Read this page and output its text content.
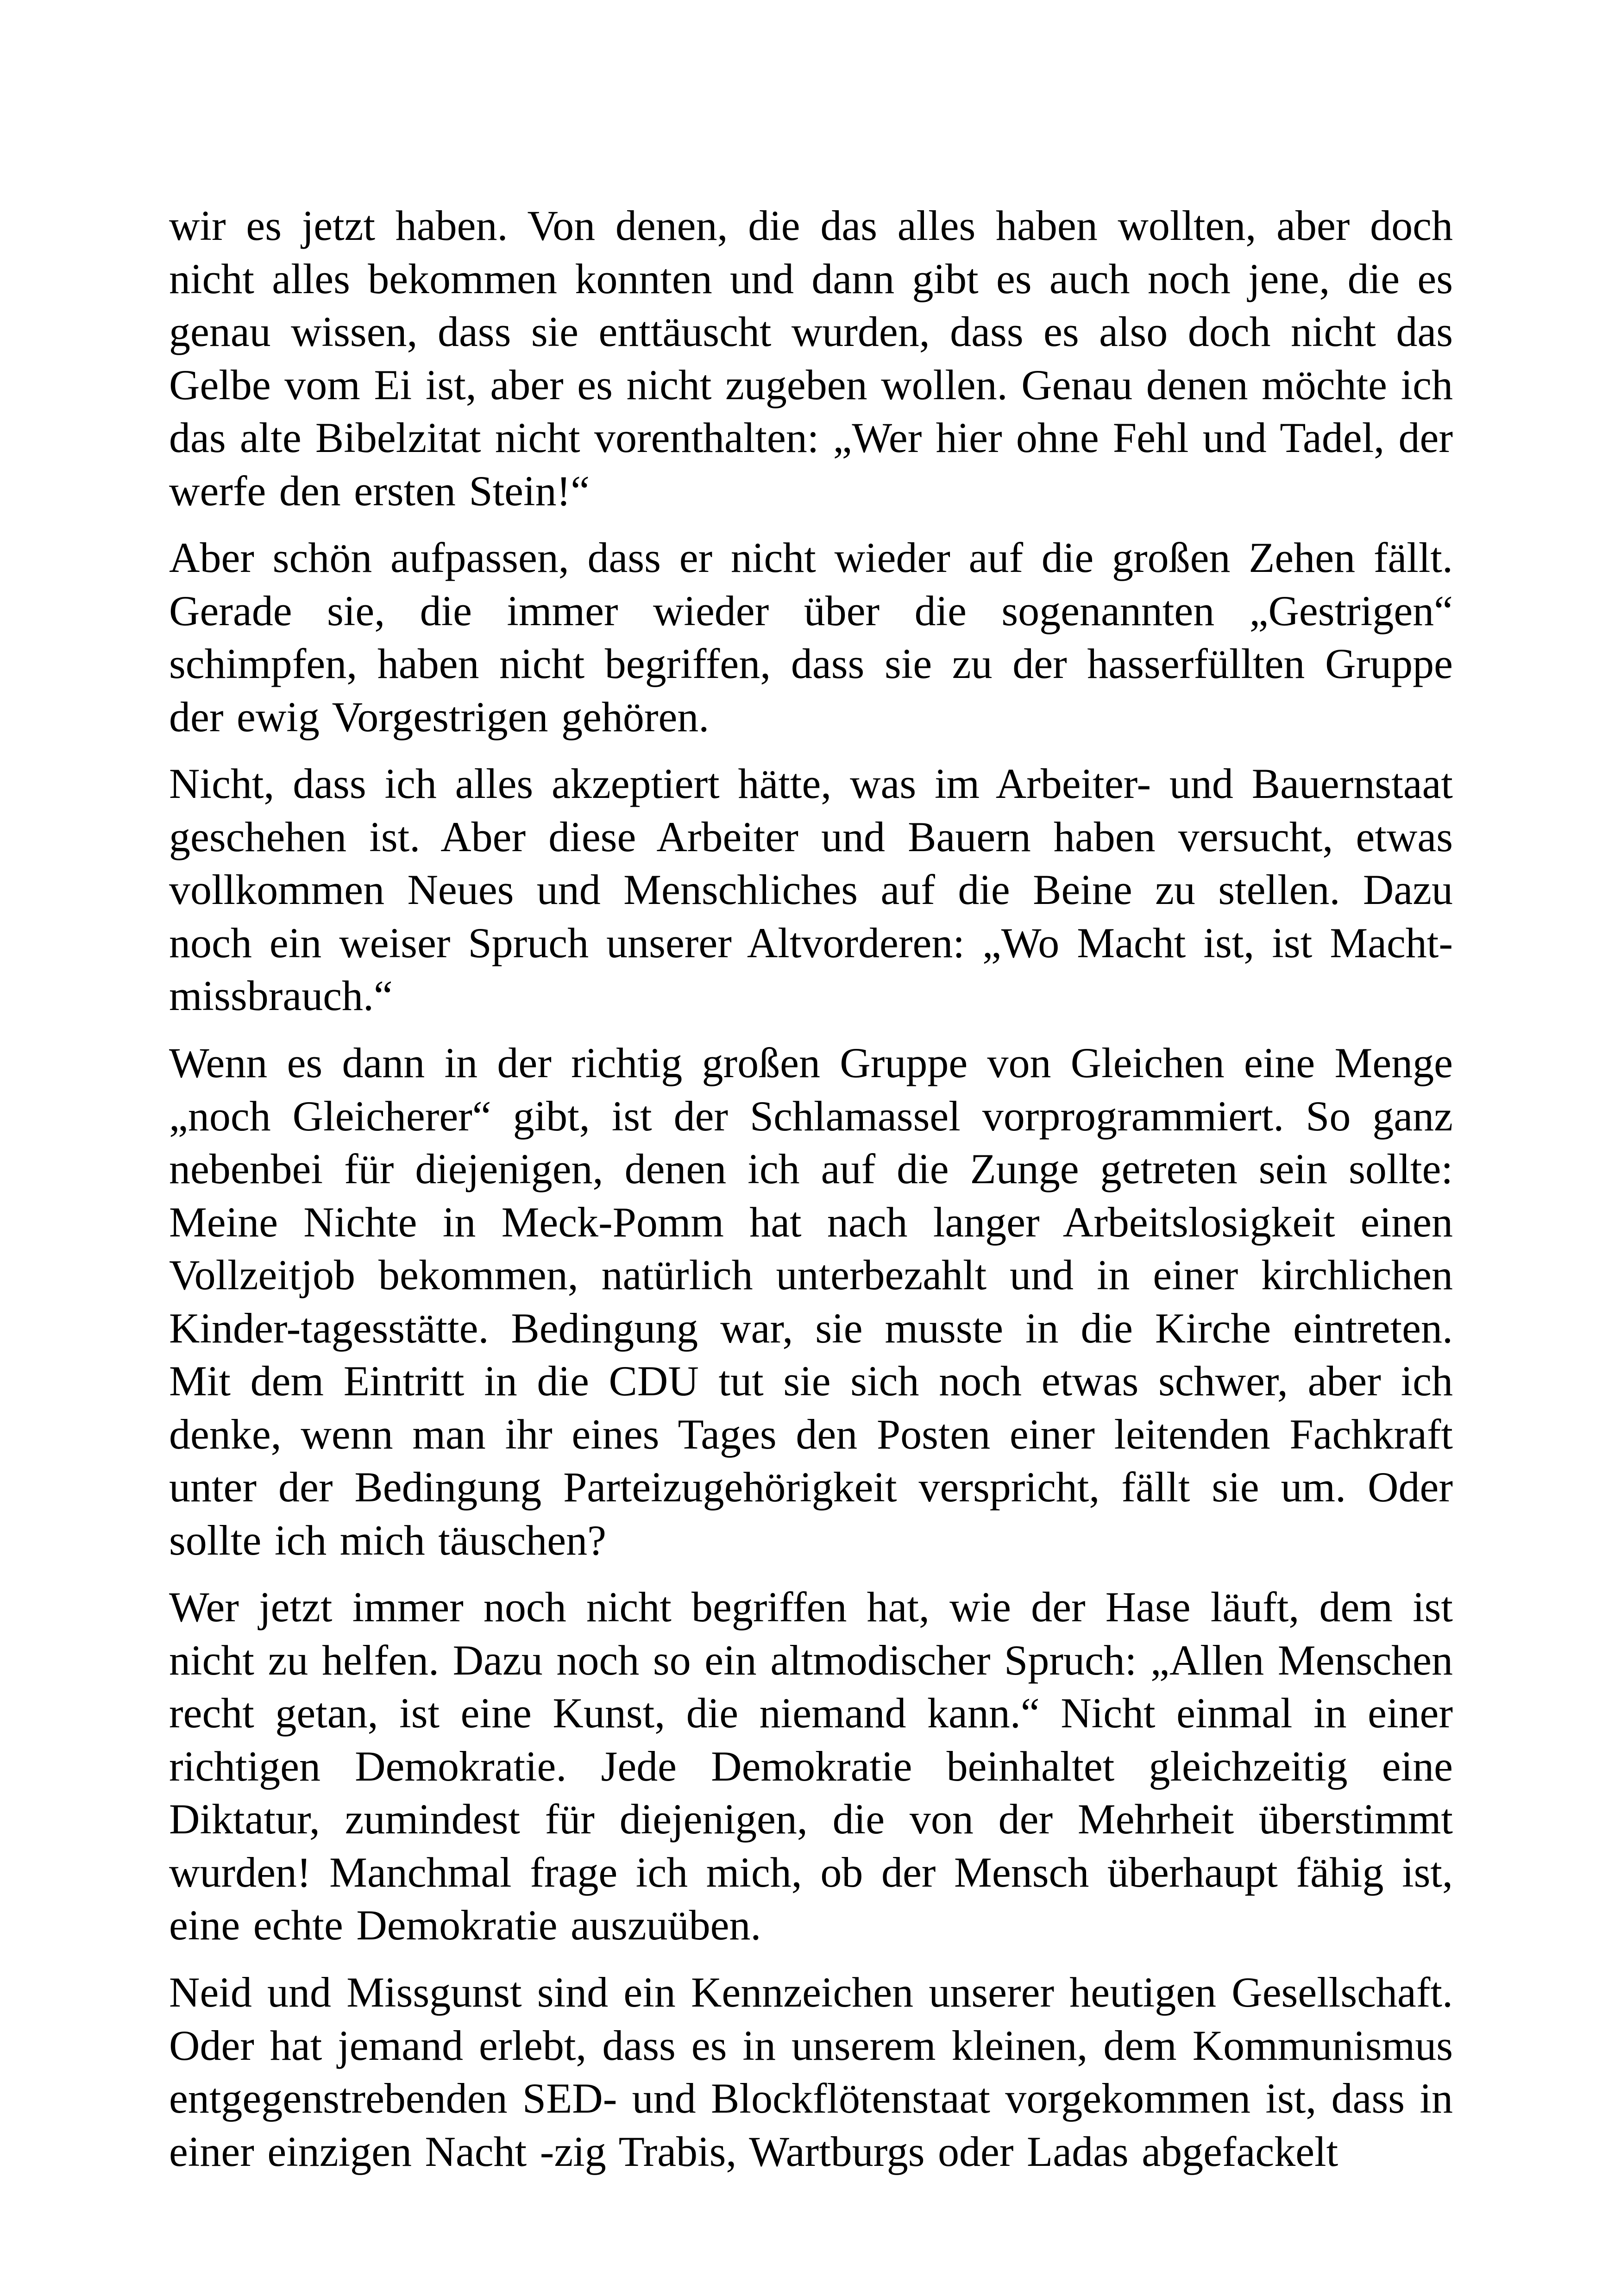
wir es jetzt haben. Von denen, die das alles haben wollten, aber doch nicht alles bekommen konnten und dann gibt es auch noch jene, die es genau wissen, dass sie enttäuscht wurden, dass es also doch nicht das Gelbe vom Ei ist, aber es nicht zugeben wollen. Genau denen möchte ich das alte Bibelzitat nicht vorenthalten: „Wer hier ohne Fehl und Tadel, der werfe den ersten Stein!“

Aber schön aufpassen, dass er nicht wieder auf die großen Zehen fällt. Gerade sie, die immer wieder über die sogenannten „Gestrigen“ schimpfen, haben nicht begriffen, dass sie zu der hasserfüllten Gruppe der ewig Vorgestrigen gehören.

Nicht, dass ich alles akzeptiert hätte, was im Arbeiter- und Bauernstaat geschehen ist. Aber diese Arbeiter und Bauern haben versucht, etwas vollkommen Neues und Menschliches auf die Beine zu stellen. Dazu noch ein weiser Spruch unserer Altvorderen: „Wo Macht ist, ist Macht-missbrauch.“

Wenn es dann in der richtig großen Gruppe von Gleichen eine Menge „noch Gleicherer“ gibt, ist der Schlamassel vorprogrammiert. So ganz nebenbei für diejenigen, denen ich auf die Zunge getreten sein sollte: Meine Nichte in Meck-Pomm hat nach langer Arbeitslosigkeit einen Vollzeitjob bekommen, natürlich unterbezahlt und in einer kirchlichen Kinder-tagesstätte. Bedingung war, sie musste in die Kirche eintreten. Mit dem Eintritt in die CDU tut sie sich noch etwas schwer, aber ich denke, wenn man ihr eines Tages den Posten einer leitenden Fachkraft unter der Bedingung Parteizugehörigkeit verspricht, fällt sie um. Oder sollte ich mich täuschen?

Wer jetzt immer noch nicht begriffen hat, wie der Hase läuft, dem ist nicht zu helfen. Dazu noch so ein altmodischer Spruch: „Allen Menschen recht getan, ist eine Kunst, die niemand kann.“ Nicht einmal in einer richtigen Demokratie. Jede Demokratie beinhaltet gleichzeitig eine Diktatur, zumindest für diejenigen, die von der Mehrheit überstimmt wurden! Manchmal frage ich mich, ob der Mensch überhaupt fähig ist, eine echte Demokratie auszuüben.

Neid und Missgunst sind ein Kennzeichen unserer heutigen Gesellschaft. Oder hat jemand erlebt, dass es in unserem kleinen, dem Kommunismus entgegenstrebenden SED- und Blockflötenstaat vorgekommen ist, dass in einer einzigen Nacht -zig Trabis, Wartburgs oder Ladas abgefackelt
